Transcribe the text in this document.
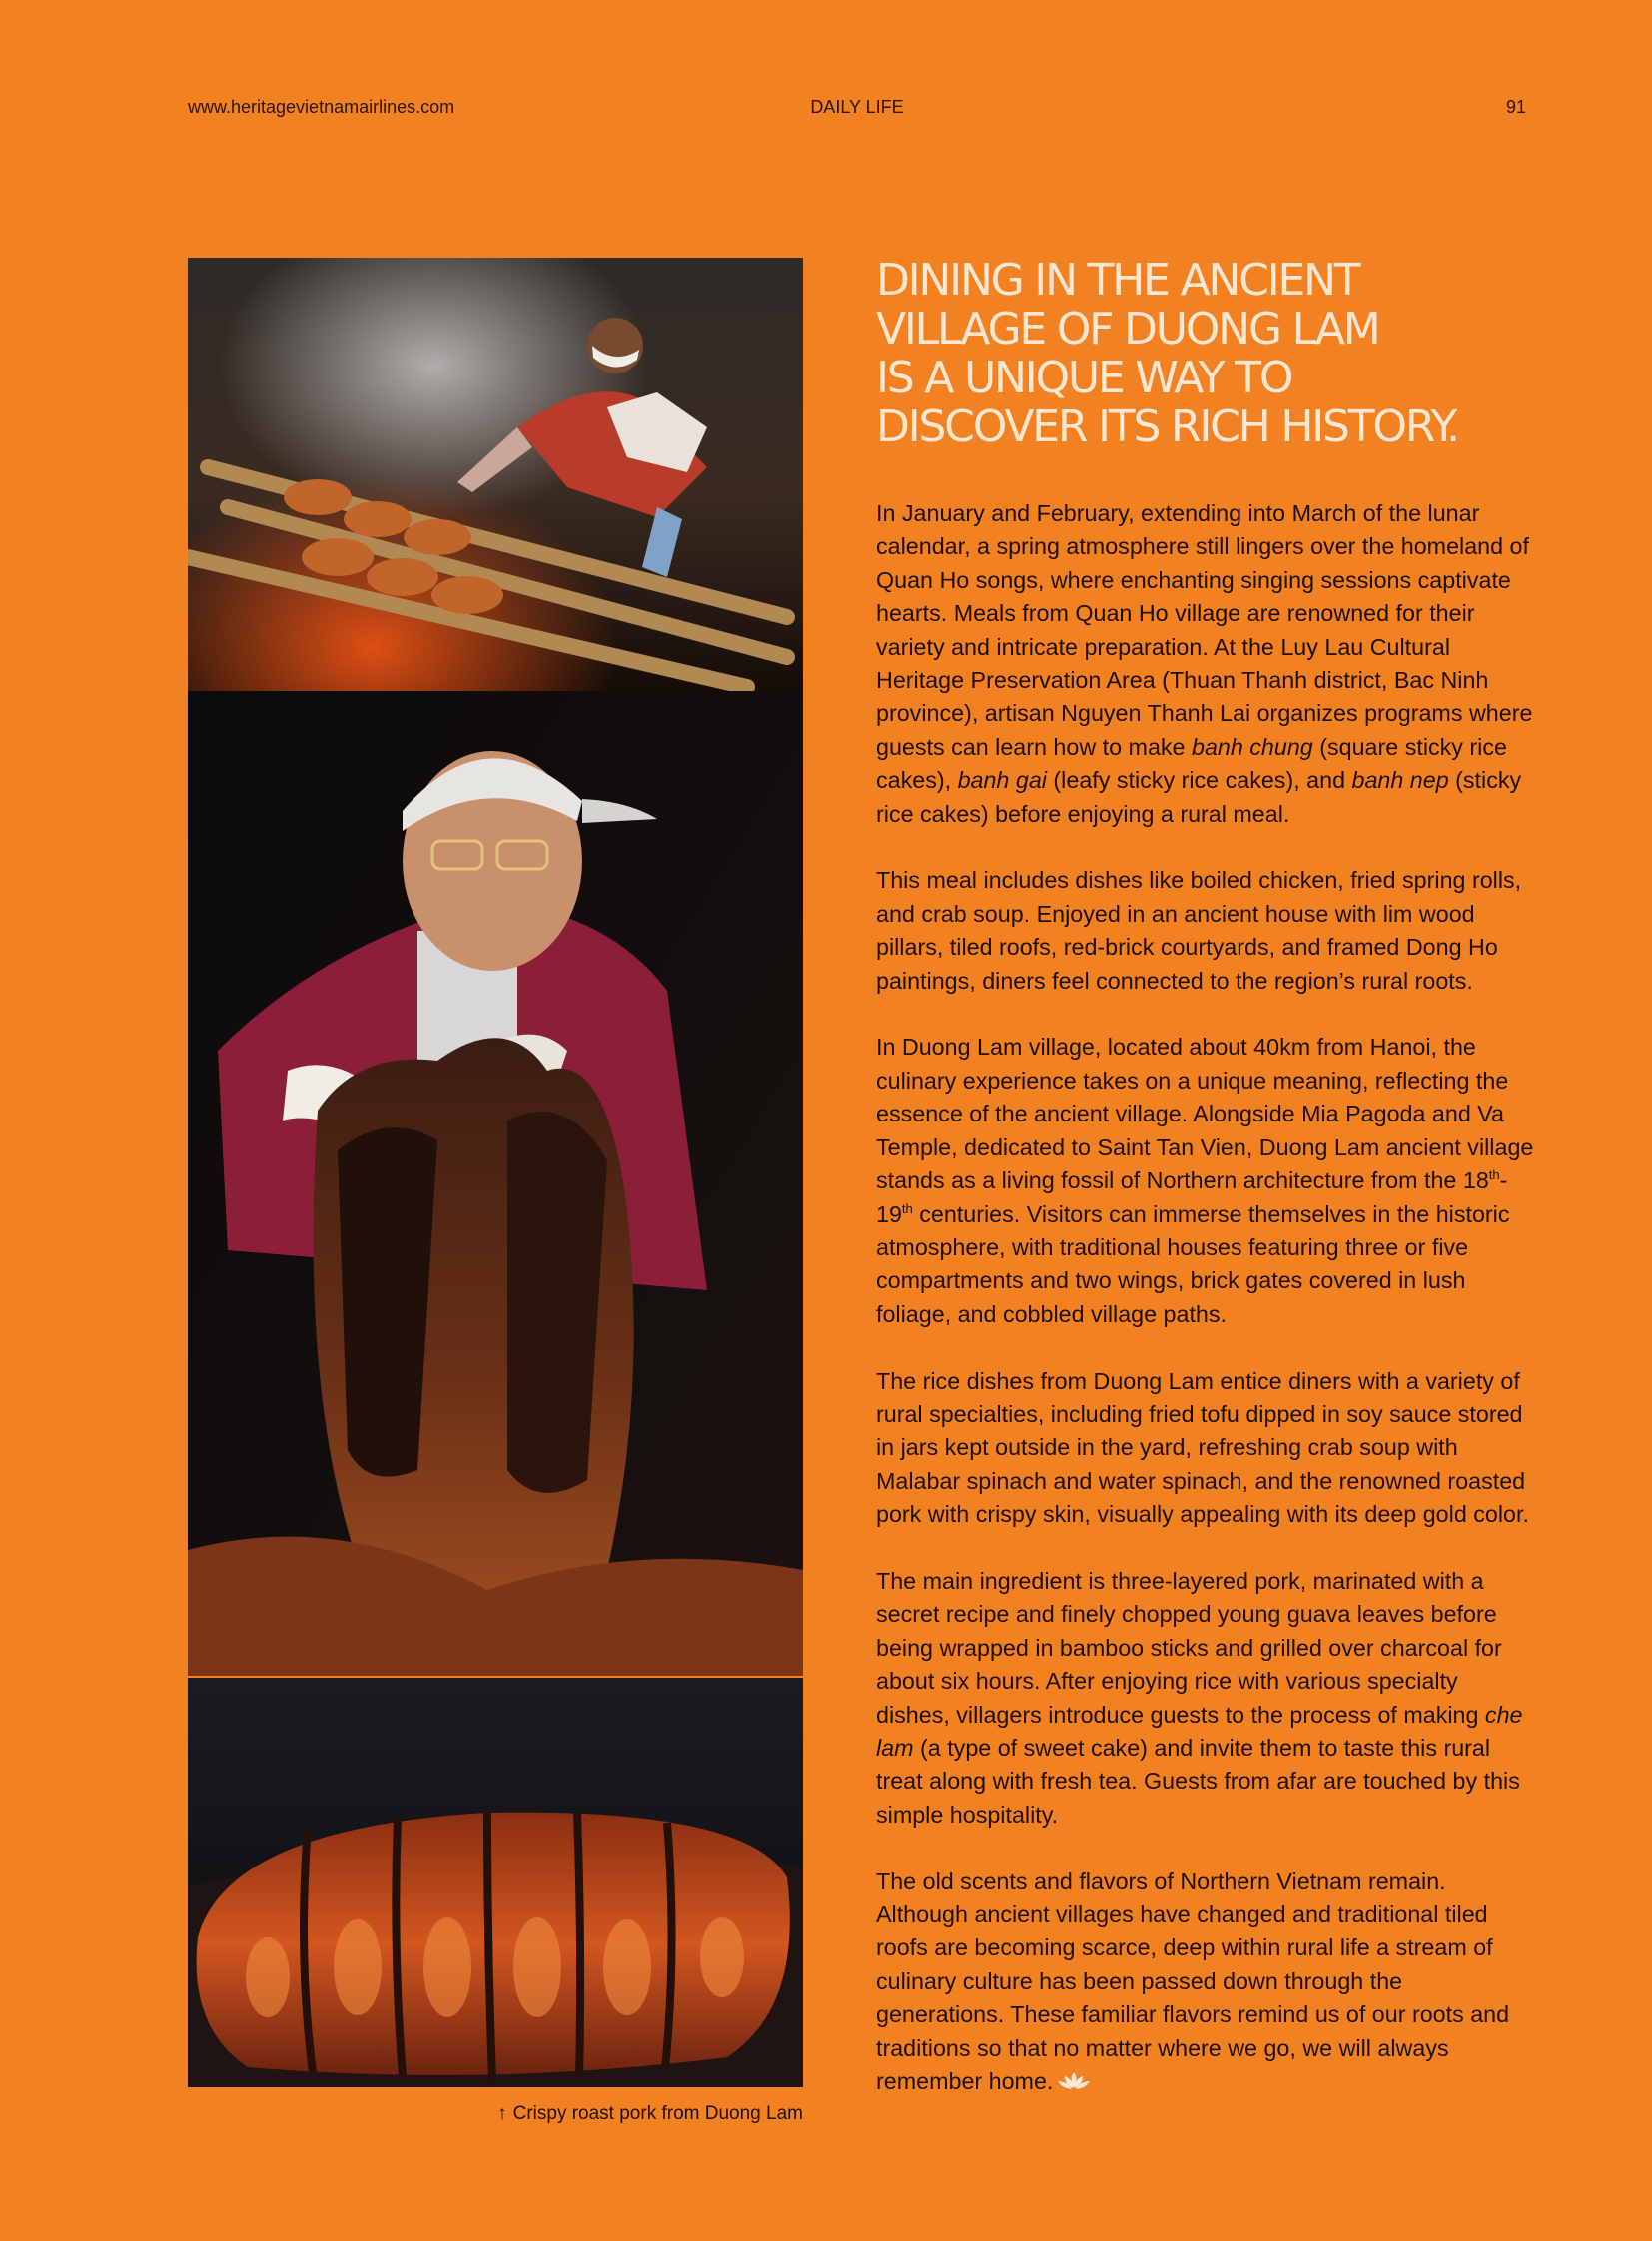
www.heritagevietnamairlines.com	DAILY LIFE	91
↑ Crispy roast pork from Duong Lam
DINING IN THE ANCIENT
VILLAGE OF DUONG LAM
IS A UNIQUE WAY TO
DISCOVER ITS RICH HISTORY.

In January and February, extending into March of the lunar calendar, a spring atmosphere still lingers over the homeland of Quan Ho songs, where enchanting singing sessions captivate hearts. Meals from Quan Ho village are renowned for their variety and intricate preparation. At the Luy Lau Cultural Heritage Preservation Area (Thuan Thanh district, Bac Ninh province), artisan Nguyen Thanh Lai organizes programs where guests can learn how to make banh chung (square sticky rice cakes), banh gai (leafy sticky rice cakes), and banh nep (sticky rice cakes) before enjoying a rural meal.

This meal includes dishes like boiled chicken, fried spring rolls, and crab soup. Enjoyed in an ancient house with lim wood pillars, tiled roofs, red-brick courtyards, and framed Dong Ho paintings, diners feel connected to the region’s rural roots.

In Duong Lam village, located about 40km from Hanoi, the culinary experience takes on a unique meaning, reflecting the essence of the ancient village. Alongside Mia Pagoda and Va Temple, dedicated to Saint Tan Vien, Duong Lam ancient village stands as a living fossil of Northern architecture from the 18th-19th centuries. Visitors can immerse themselves in the historic atmosphere, with traditional houses featuring three or five compartments and two wings, brick gates covered in lush foliage, and cobbled village paths.

The rice dishes from Duong Lam entice diners with a variety of rural specialties, including fried tofu dipped in soy sauce stored in jars kept outside in the yard, refreshing crab soup with Malabar spinach and water spinach, and the renowned roasted pork with crispy skin, visually appealing with its deep gold color.

The main ingredient is three-layered pork, marinated with a secret recipe and finely chopped young guava leaves before being wrapped in bamboo sticks and grilled over charcoal for about six hours. After enjoying rice with various specialty dishes, villagers introduce guests to the process of making che lam (a type of sweet cake) and invite them to taste this rural treat along with fresh tea. Guests from afar are touched by this simple hospitality.

The old scents and flavors of Northern Vietnam remain. Although ancient villages have changed and traditional tiled roofs are becoming scarce, deep within rural life a stream of culinary culture has been passed down through the generations. These familiar flavors remind us of our roots and traditions so that no matter where we go, we will always remember home.
